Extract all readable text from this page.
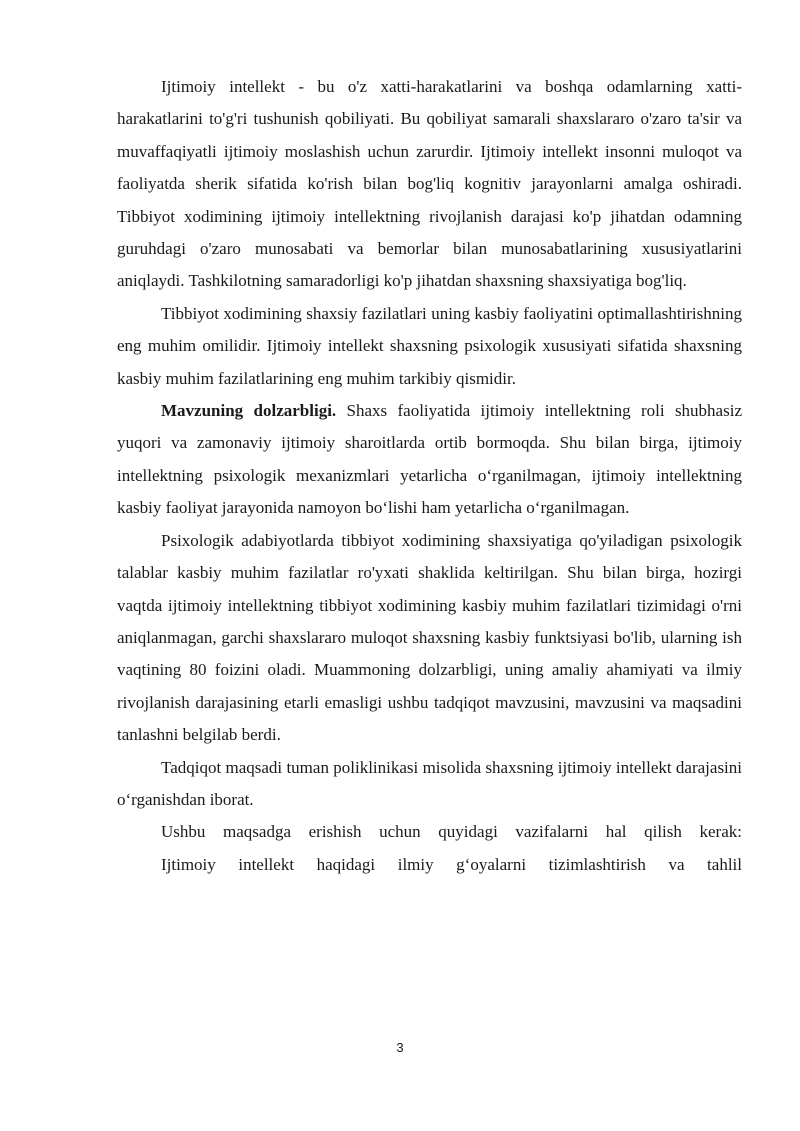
Ijtimoiy intellekt - bu o'z xatti-harakatlarini va boshqa odamlarning xatti-harakatlarini to'g'ri tushunish qobiliyati. Bu qobiliyat samarali shaxslararo o'zaro ta'sir va muvaffaqiyatli ijtimoiy moslashish uchun zarurdir. Ijtimoiy intellekt insonni muloqot va faoliyatda sherik sifatida ko'rish bilan bog'liq kognitiv jarayonlarni amalga oshiradi. Tibbiyot xodimining ijtimoiy intellektning rivojlanish darajasi ko'p jihatdan odamning guruhdagi o'zaro munosabati va bemorlar bilan munosabatlarining xususiyatlarini aniqlaydi. Tashkilotning samaradorligi ko'p jihatdan shaxsning shaxsiyatiga bog'liq.

Tibbiyot xodimining shaxsiy fazilatlari uning kasbiy faoliyatini optimallashtirishning eng muhim omilidir. Ijtimoiy intellekt shaxsning psixologik xususiyati sifatida shaxsning kasbiy muhim fazilatlarining eng muhim tarkibiy qismidir.

Mavzuning dolzarbligi. Shaxs faoliyatida ijtimoiy intellektning roli shubhasiz yuqori va zamonaviy ijtimoiy sharoitlarda ortib bormoqda. Shu bilan birga, ijtimoiy intellektning psixologik mexanizmlari yetarlicha o‘rganilmagan, ijtimoiy intellektning kasbiy faoliyat jarayonida namoyon bo‘lishi ham yetarlicha o‘rganilmagan.

Psixologik adabiyotlarda tibbiyot xodimining shaxsiyatiga qo'yiladigan psixologik talablar kasbiy muhim fazilatlar ro'yxati shaklida keltirilgan. Shu bilan birga, hozirgi vaqtda ijtimoiy intellektning tibbiyot xodimining kasbiy muhim fazilatlari tizimidagi o'rni aniqlanmagan, garchi shaxslararo muloqot shaxsning kasbiy funktsiyasi bo'lib, ularning ish vaqtining 80 foizini oladi. Muammoning dolzarbligi, uning amaliy ahamiyati va ilmiy rivojlanish darajasining etarli emasligi ushbu tadqiqot mavzusini, mavzusini va maqsadini tanlashni belgilab berdi.

Tadqiqot maqsadi tuman poliklinikasi misolida shaxsning ijtimoiy intellekt darajasini o‘rganishdan iborat.

Ushbu maqsadga erishish uchun quyidagi vazifalarni hal qilish kerak:

Ijtimoiy intellekt haqidagi ilmiy g‘oyalarni tizimlashtirish va tahlil

3
